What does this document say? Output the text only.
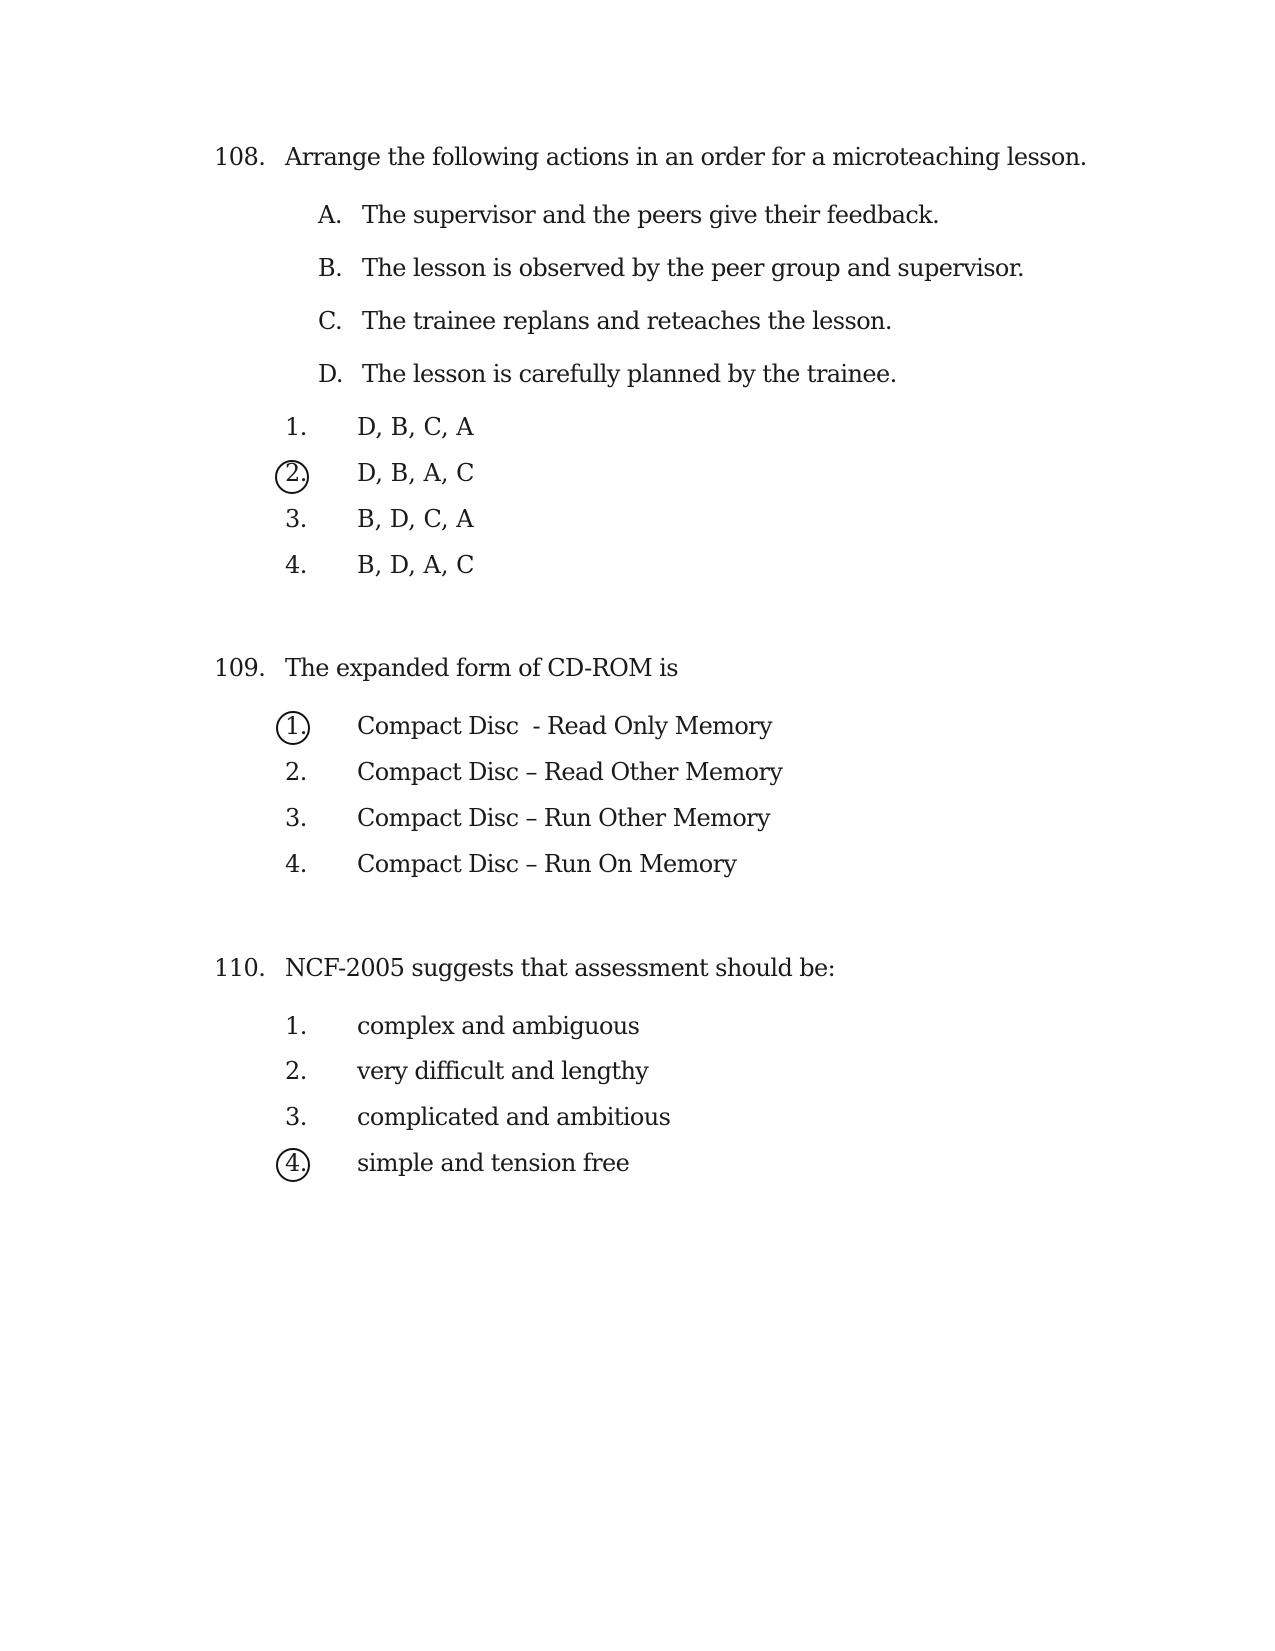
108. Arrange the following actions in an order for a microteaching lesson.
A. The supervisor and the peers give their feedback.
B. The lesson is observed by the peer group and supervisor.
C. The trainee replans and reteaches the lesson.
D. The lesson is carefully planned by the trainee.
1. D, B, C, A
2. D, B, A, C
3. B, D, C, A
4. B, D, A, C
109. The expanded form of CD-ROM is
1. Compact Disc  - Read Only Memory
2. Compact Disc – Read Other Memory
3. Compact Disc – Run Other Memory
4. Compact Disc – Run On Memory
110. NCF-2005 suggests that assessment should be:
1. complex and ambiguous
2. very difficult and lengthy
3. complicated and ambitious
4. simple and tension free
